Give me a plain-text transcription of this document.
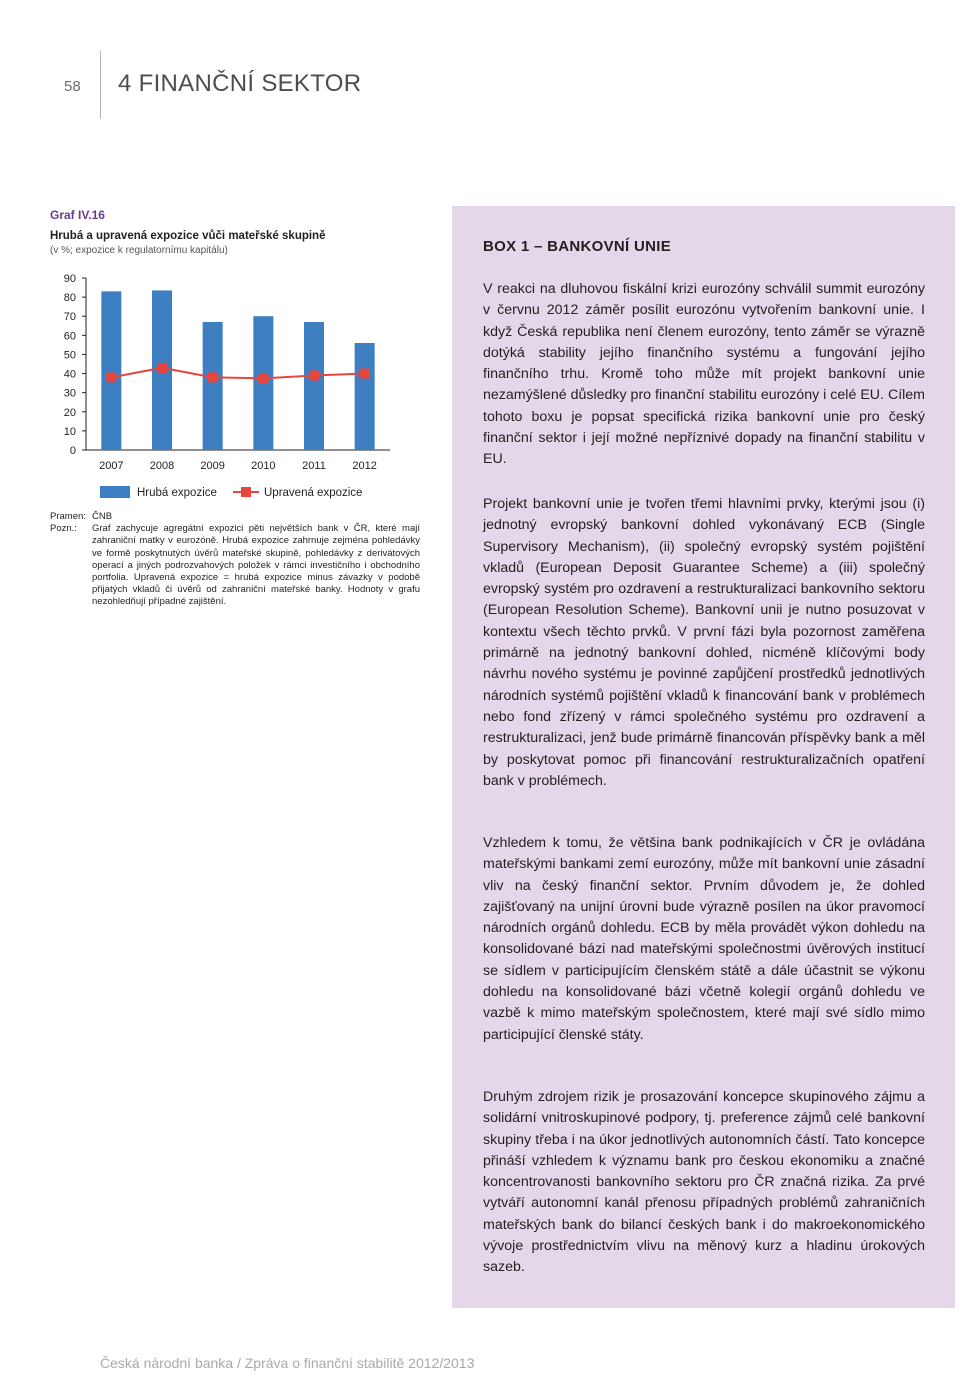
58 4 FINANČNÍ SEKTOR
Graf IV.16
Hrubá a upravená expozice vůči mateřské skupině
(v %; expozice k regulatornímu kapitálu)
0
10
20
30
40
50
60
70
80
90
2007 2008 2009 2010 2011 2012
Hrubá expozice	Upravená expozice
Pramen: ČNB
Pozn.:	Graf zachycuje agregátní expozici pěti největších bank v ČR, které mají zahraniční matky v eurozóně. Hrubá expozice zahrnuje zejména pohledávky ve formě poskytnutých úvěrů mateřské skupině, pohledávky z derivátových operací a jiných podrozvahových položek v rámci investičního i obchodního portfolia. Upravená expozice = hrubá expozice minus závazky v podobě přijatých vkladů či úvěrů od zahraniční mateřské banky. Hodnoty v grafu nezohledňují případné zajištění.
BOX 1 – BANKOVNÍ UNIE

V reakci na dluhovou fiskální krizi eurozóny schválil summit eurozóny v červnu 2012 záměr posílit eurozónu vytvořením bankovní unie. I když Česká republika není členem eurozóny, tento záměr se výrazně dotýká stability jejího finančního systému a fungování jejího finančního trhu. Kromě toho může mít projekt bankovní unie nezamýšlené důsledky pro finanční stabilitu eurozóny i celé EU. Cílem tohoto boxu je popsat specifická rizika bankovní unie pro český finanční sektor i její možné nepříznivé dopady na finanční stabilitu v EU.

Projekt bankovní unie je tvořen třemi hlavními prvky, kterými jsou (i) jednotný evropský bankovní dohled vykonávaný ECB (Single Supervisory Mechanism), (ii) společný evropský systém pojištění vkladů (European Deposit Guarantee Scheme) a (iii) společný evropský systém pro ozdravení a restrukturalizaci bankovního sektoru (European Resolution Scheme). Bankovní unii je nutno posuzovat v kontextu všech těchto prvků. V první fázi byla pozornost zaměřena primárně na jednotný bankovní dohled, nicméně klíčovými body návrhu nového systému je povinné zapůjčení prostředků jednotlivých národních systémů pojištění vkladů k financování bank v problémech nebo fond zřízený v rámci společného systému pro ozdravení a restrukturalizaci, jenž bude primárně financován příspěvky bank a měl by poskytovat pomoc při financování restrukturalizačních opatření bank v problémech.

Vzhledem k tomu, že většina bank podnikajících v ČR je ovládána mateřskými bankami zemí eurozóny, může mít bankovní unie zásadní vliv na český finanční sektor. Prvním důvodem je, že dohled zajišťovaný na unijní úrovni bude výrazně posílen na úkor pravomocí národních orgánů dohledu. ECB by měla provádět výkon dohledu na konsolidované bázi nad mateřskými společnostmi úvěrových institucí se sídlem v participujícím členském státě a dále účastnit se výkonu dohledu na konsolidované bázi včetně kolegií orgánů dohledu ve vazbě k mimo mateřským společnostem, které mají své sídlo mimo participující členské státy.

Druhým zdrojem rizik je prosazování koncepce skupinového zájmu a solidární vnitroskupinové podpory, tj. preference zájmů celé bankovní skupiny třeba i na úkor jednotlivých autonomních částí. Tato koncepce přináší vzhledem k významu bank pro českou ekonomiku a značné koncentrovanosti bankovního sektoru pro ČR značná rizika. Za prvé vytváří autonomní kanál přenosu případných problémů zahraničních mateřských bank do bilancí českých bank i do makroekonomického vývoje prostřednictvím vlivu na měnový kurz a hladinu úrokových sazeb.

Česká národní banka / Zpráva o finanční stabilitě 2012/2013
